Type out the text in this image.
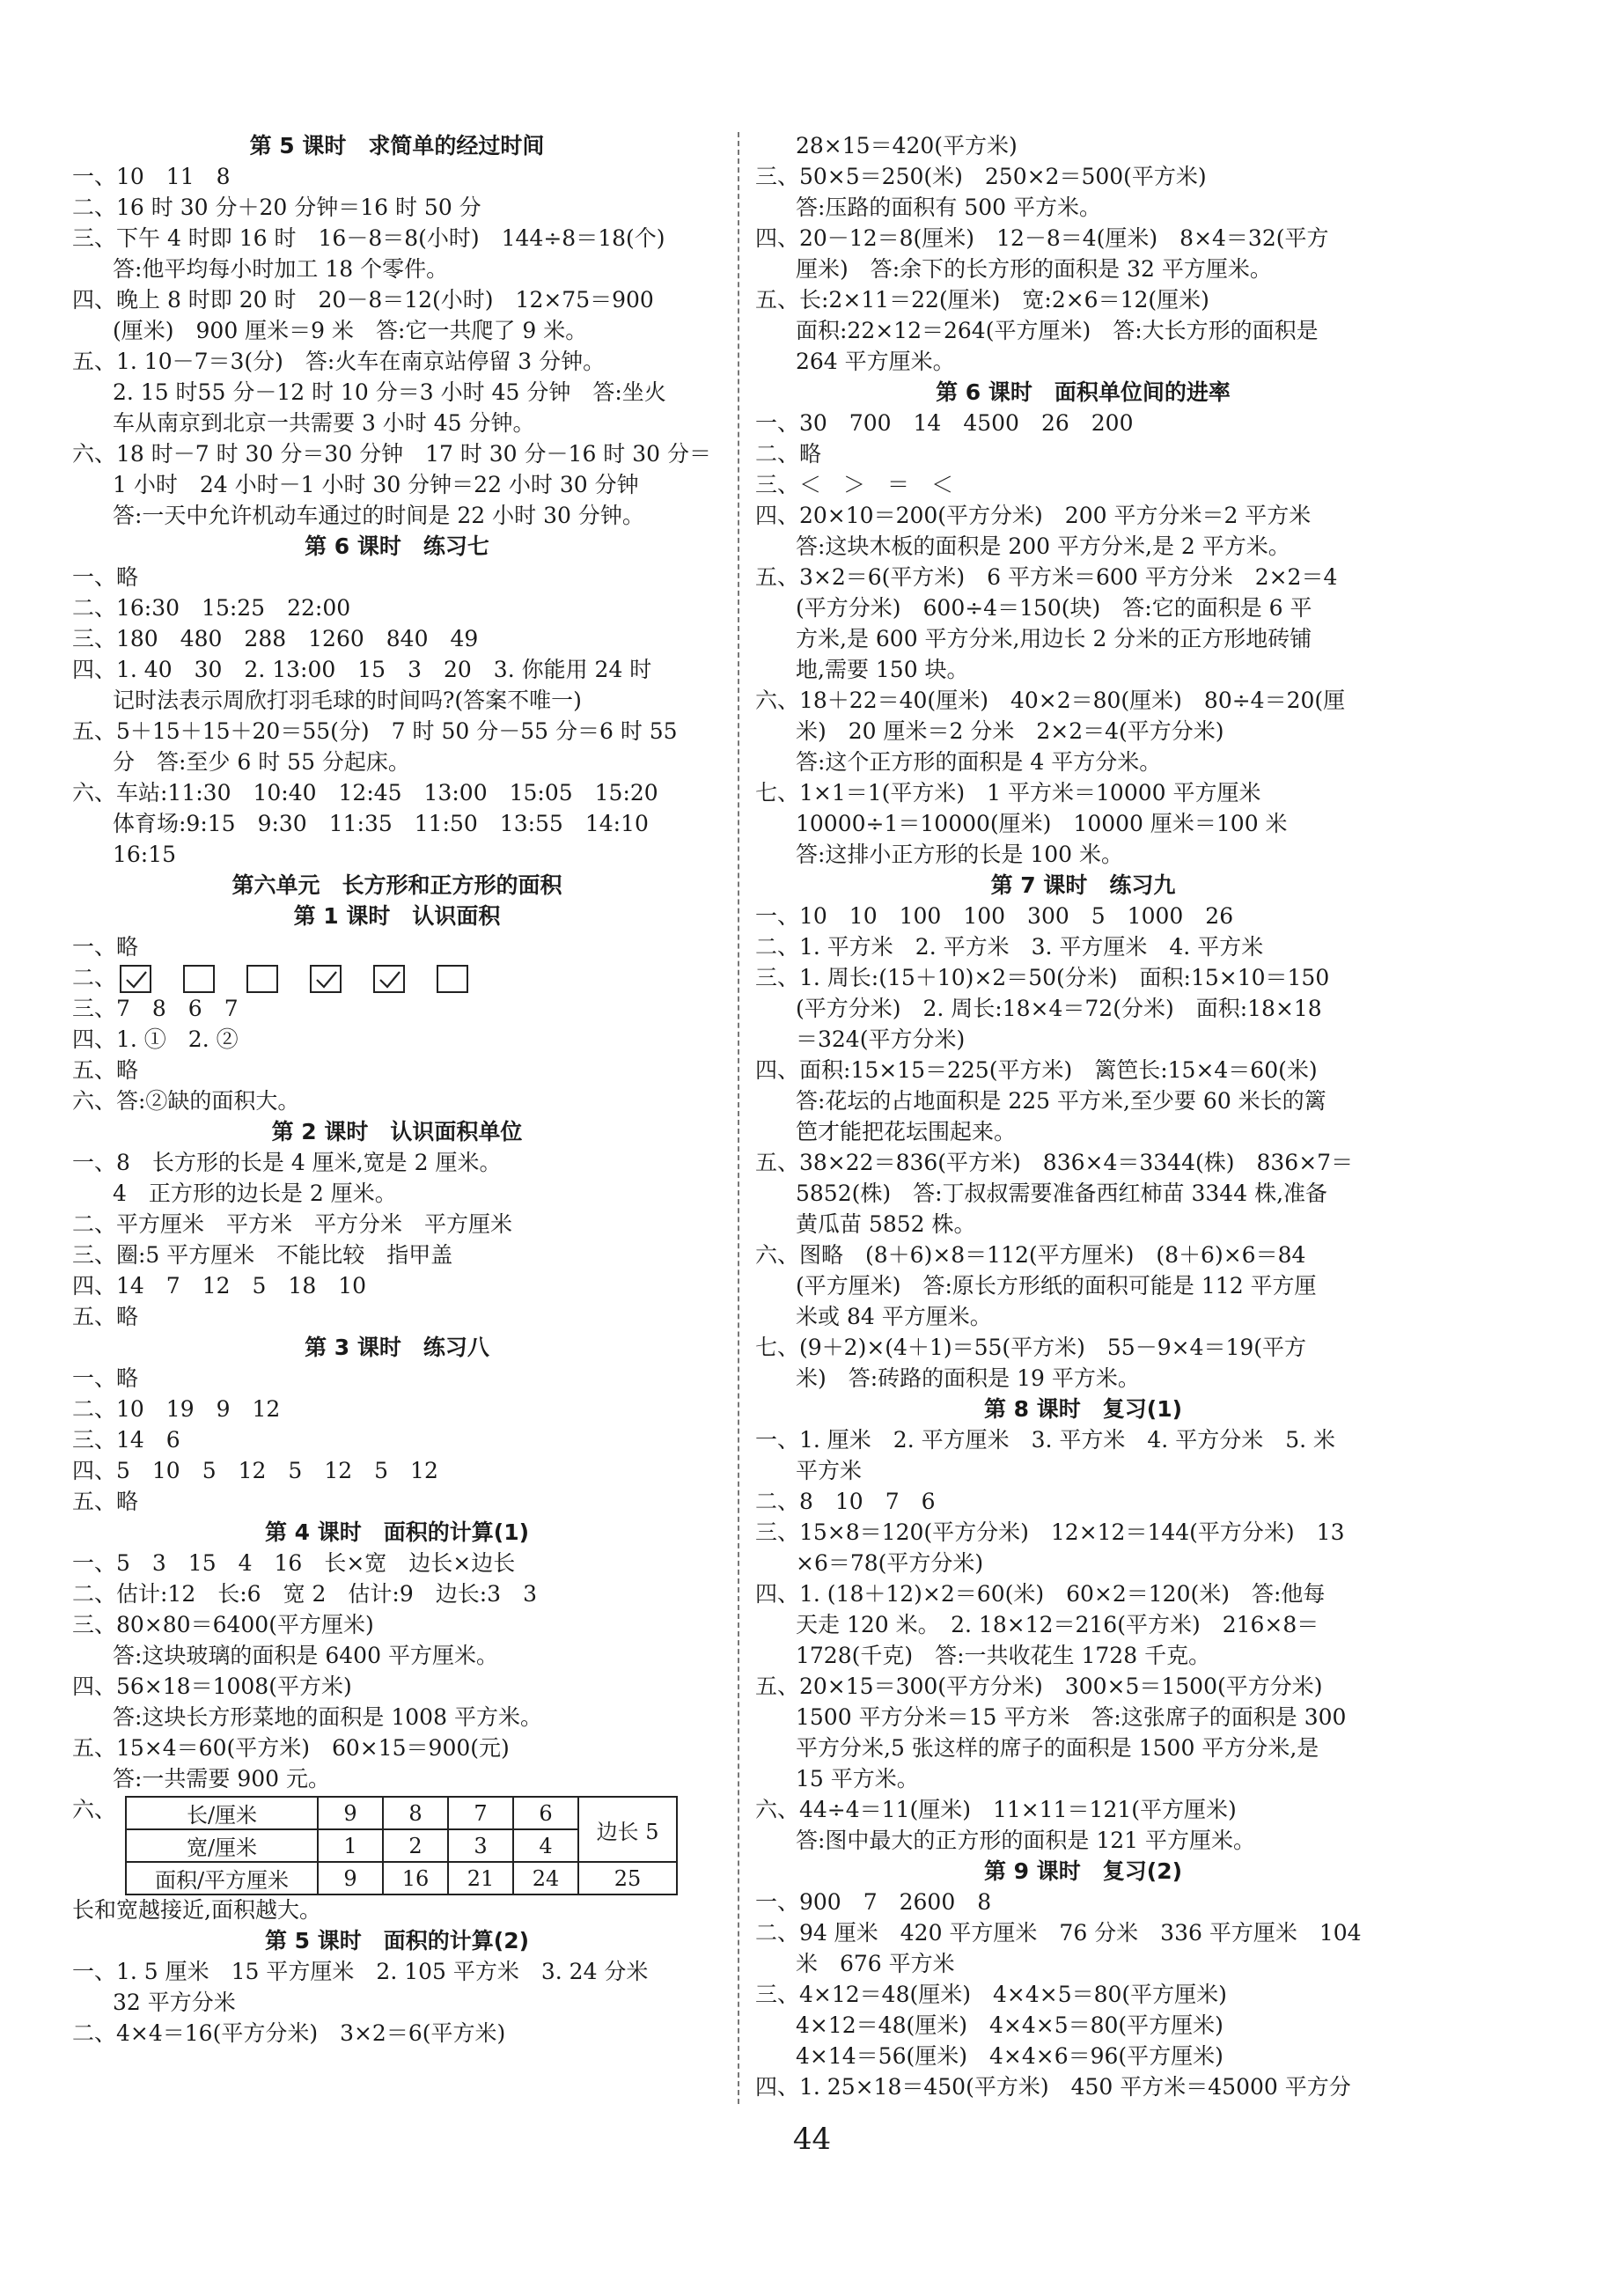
第 5 课时　求简单的经过时间
一、10　11　8
二、16 时 30 分＋20 分钟＝16 时 50 分
三、下午 4 时即 16 时　16－8＝8(小时)　144÷8＝18(个)
答:他平均每小时加工 18 个零件。
四、晚上 8 时即 20 时　20－8＝12(小时)　12×75＝900
(厘米)　900 厘米＝9 米　答:它一共爬了 9 米。
五、1. 10－7＝3(分)　答:火车在南京站停留 3 分钟。
2. 15 时55 分－12 时 10 分＝3 小时 45 分钟　答:坐火
车从南京到北京一共需要 3 小时 45 分钟。
六、18 时－7 时 30 分＝30 分钟　17 时 30 分－16 时 30 分＝
1 小时　24 小时－1 小时 30 分钟＝22 小时 30 分钟
答:一天中允许机动车通过的时间是 22 小时 30 分钟。
第 6 课时　练习七
一、略
二、16:30　15:25　22:00
三、180　480　288　1260　840　49
四、1. 40　30　2. 13:00　15　3　20　3. 你能用 24 时
记时法表示周欣打羽毛球的时间吗?(答案不唯一)
五、5＋15＋15＋20＝55(分)　7 时 50 分－55 分＝6 时 55
分　答:至少 6 时 55 分起床。
六、车站:11:30　10:40　12:45　13:00　15:05　15:20
体育场:9:15　9:30　11:35　11:50　13:55　14:10
16:15
第六单元　长方形和正方形的面积
第 1 课时　认识面积
一、略
二、
三、7　8　6　7
四、1. ①　2. ②
五、略
六、答:②缺的面积大。
第 2 课时　认识面积单位
一、8　长方形的长是 4 厘米,宽是 2 厘米。
4　正方形的边长是 2 厘米。
二、平方厘米　平方米　平方分米　平方厘米
三、圈:5 平方厘米　不能比较　指甲盖
四、14　7　12　5　18　10
五、略
第 3 课时　练习八
一、略
二、10　19　9　12
三、14　6
四、5　10　5　12　5　12　5　12
五、略
第 4 课时　面积的计算(1)
一、5　3　15　4　16　长×宽　边长×边长
二、估计:12　长:6　宽 2　估计:9　边长:3　3
三、80×80＝6400(平方厘米)
答:这块玻璃的面积是 6400 平方厘米。
四、56×18＝1008(平方米)
答:这块长方形菜地的面积是 1008 平方米。
五、15×4＝60(平方米)　60×15＝900(元)
答:一共需要 900 元。
六、	长/厘米	9	8	7	6	边长 5
宽/厘米	1	2	3	4	
面积/平方厘米	9	16	21	24	25
长和宽越接近,面积越大。
第 5 课时　面积的计算(2)
一、1. 5 厘米　15 平方厘米　2. 105 平方米　3. 24 分米
32 平方分米
二、4×4＝16(平方分米)　3×2＝6(平方米)
28×15＝420(平方米)
三、50×5＝250(米)　250×2＝500(平方米)
答:压路的面积有 500 平方米。
四、20－12＝8(厘米)　12－8＝4(厘米)　8×4＝32(平方
厘米)　答:余下的长方形的面积是 32 平方厘米。
五、长:2×11＝22(厘米)　宽:2×6＝12(厘米)
面积:22×12＝264(平方厘米)　答:大长方形的面积是
264 平方厘米。
第 6 课时　面积单位间的进率
一、30　700　14　4500　26　200
二、略
三、＜　＞　＝　＜
四、20×10＝200(平方分米)　200 平方分米＝2 平方米
答:这块木板的面积是 200 平方分米,是 2 平方米。
五、3×2＝6(平方米)　6 平方米＝600 平方分米　2×2＝4
(平方分米)　600÷4＝150(块)　答:它的面积是 6 平
方米,是 600 平方分米,用边长 2 分米的正方形地砖铺
地,需要 150 块。
六、18＋22＝40(厘米)　40×2＝80(厘米)　80÷4＝20(厘
米)　20 厘米＝2 分米　2×2＝4(平方分米)
答:这个正方形的面积是 4 平方分米。
七、1×1＝1(平方米)　1 平方米＝10000 平方厘米
10000÷1＝10000(厘米)　10000 厘米＝100 米
答:这排小正方形的长是 100 米。
第 7 课时　练习九
一、10　10　100　100　300　5　1000　26
二、1. 平方米　2. 平方米　3. 平方厘米　4. 平方米
三、1. 周长:(15＋10)×2＝50(分米)　面积:15×10＝150
(平方分米)　2. 周长:18×4＝72(分米)　面积:18×18
＝324(平方分米)
四、面积:15×15＝225(平方米)　篱笆长:15×4＝60(米)
答:花坛的占地面积是 225 平方米,至少要 60 米长的篱
笆才能把花坛围起来。
五、38×22＝836(平方米)　836×4＝3344(株)　836×7＝
5852(株)　答:丁叔叔需要准备西红柿苗 3344 株,准备
黄瓜苗 5852 株。
六、图略　(8＋6)×8＝112(平方厘米)　(8＋6)×6＝84
(平方厘米)　答:原长方形纸的面积可能是 112 平方厘
米或 84 平方厘米。
七、(9＋2)×(4＋1)＝55(平方米)　55－9×4＝19(平方
米)　答:砖路的面积是 19 平方米。
第 8 课时　复习(1)
一、1. 厘米　2. 平方厘米　3. 平方米　4. 平方分米　5. 米
平方米
二、8　10　7　6
三、15×8＝120(平方分米)　12×12＝144(平方分米)　13
×6＝78(平方分米)
四、1. (18＋12)×2＝60(米)　60×2＝120(米)　答:他每
天走 120 米。　2. 18×12＝216(平方米)　216×8＝
1728(千克)　答:一共收花生 1728 千克。
五、20×15＝300(平方分米)　300×5＝1500(平方分米)
1500 平方分米＝15 平方米　答:这张席子的面积是 300
平方分米,5 张这样的席子的面积是 1500 平方分米,是
15 平方米。
六、44÷4＝11(厘米)　11×11＝121(平方厘米)
答:图中最大的正方形的面积是 121 平方厘米。
第 9 课时　复习(2)
一、900　7　2600　8
二、94 厘米　420 平方厘米　76 分米　336 平方厘米　104
米　676 平方米
三、4×12＝48(厘米)　4×4×5＝80(平方厘米)
4×12＝48(厘米)　4×4×5＝80(平方厘米)
4×14＝56(厘米)　4×4×6＝96(平方厘米)
四、1. 25×18＝450(平方米)　450 平方米＝45000 平方分
44
